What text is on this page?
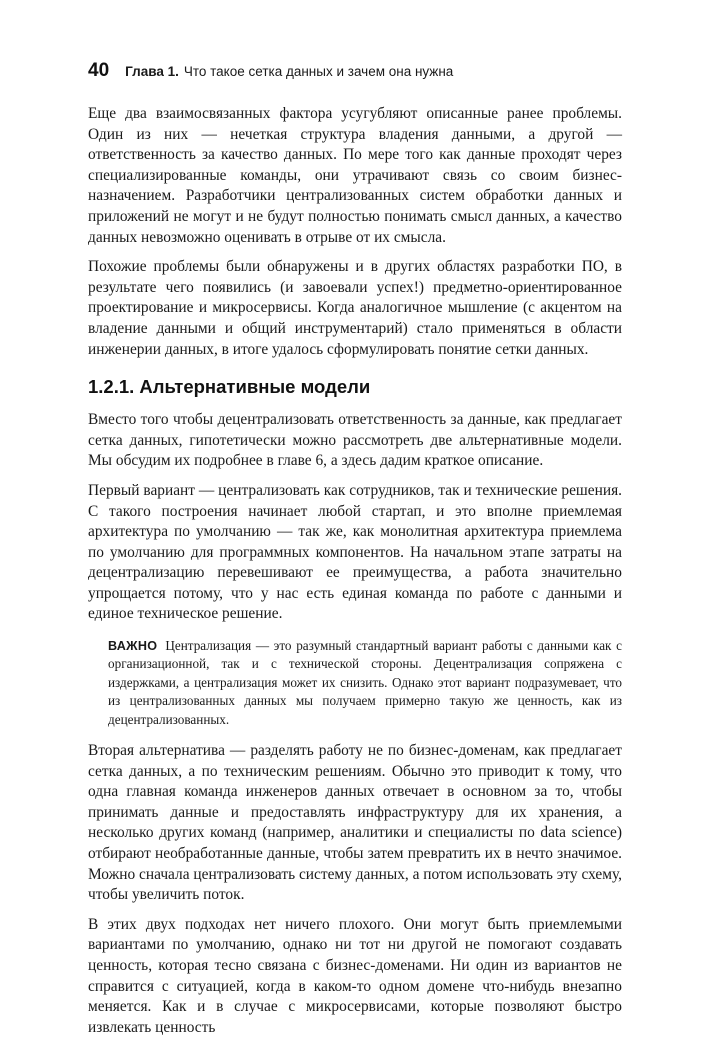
40 Глава 1. Что такое сетка данных и зачем она нужна

Еще два взаимосвязанных фактора усугубляют описанные ранее проблемы. Один из них — нечеткая структура владения данными, а другой — ответственность за качество данных. По мере того как данные проходят через специализированные команды, они утрачивают связь со своим бизнес-назначением. Разработчики централизованных систем обработки данных и приложений не могут и не будут полностью понимать смысл данных, а качество данных невозможно оценивать в отрыве от их смысла.

Похожие проблемы были обнаружены и в других областях разработки ПО, в результате чего появились (и завоевали успех!) предметно-ориентированное проектирование и микросервисы. Когда аналогичное мышление (с акцентом на владение данными и общий инструментарий) стало применяться в области инженерии данных, в итоге удалось сформулировать понятие сетки данных.

1.2.1. Альтернативные модели

Вместо того чтобы децентрализовать ответственность за данные, как предлагает сетка данных, гипотетически можно рассмотреть две альтернативные модели. Мы обсудим их подробнее в главе 6, а здесь дадим краткое описание.

Первый вариант — централизовать как сотрудников, так и технические решения. С такого построения начинает любой стартап, и это вполне приемлемая архитектура по умолчанию — так же, как монолитная архитектура приемлема по умолчанию для программных компонентов. На начальном этапе затраты на децентрализацию перевешивают ее преимущества, а работа значительно упрощается потому, что у нас есть единая команда по работе с данными и единое техническое решение.

ВАЖНО Централизация — это разумный стандартный вариант работы с данными как с организационной, так и с технической стороны. Децентрализация сопряжена с издержками, а централизация может их снизить. Однако этот вариант подразумевает, что из централизованных данных мы получаем примерно такую же ценность, как из децентрализованных.

Вторая альтернатива — разделять работу не по бизнес-доменам, как предлагает сетка данных, а по техническим решениям. Обычно это приводит к тому, что одна главная команда инженеров данных отвечает в основном за то, чтобы принимать данные и предоставлять инфраструктуру для их хранения, а несколько других команд (например, аналитики и специалисты по data science) отбирают необработанные данные, чтобы затем превратить их в нечто значимое. Можно сначала централизовать систему данных, а потом использовать эту схему, чтобы увеличить поток.

В этих двух подходах нет ничего плохого. Они могут быть приемлемыми вариантами по умолчанию, однако ни тот ни другой не помогают создавать ценность, которая тесно связана с бизнес-доменами. Ни один из вариантов не справится с ситуацией, когда в каком-то одном домене что-нибудь внезапно меняется. Как и в случае с микросервисами, которые позволяют быстро извлекать ценность
